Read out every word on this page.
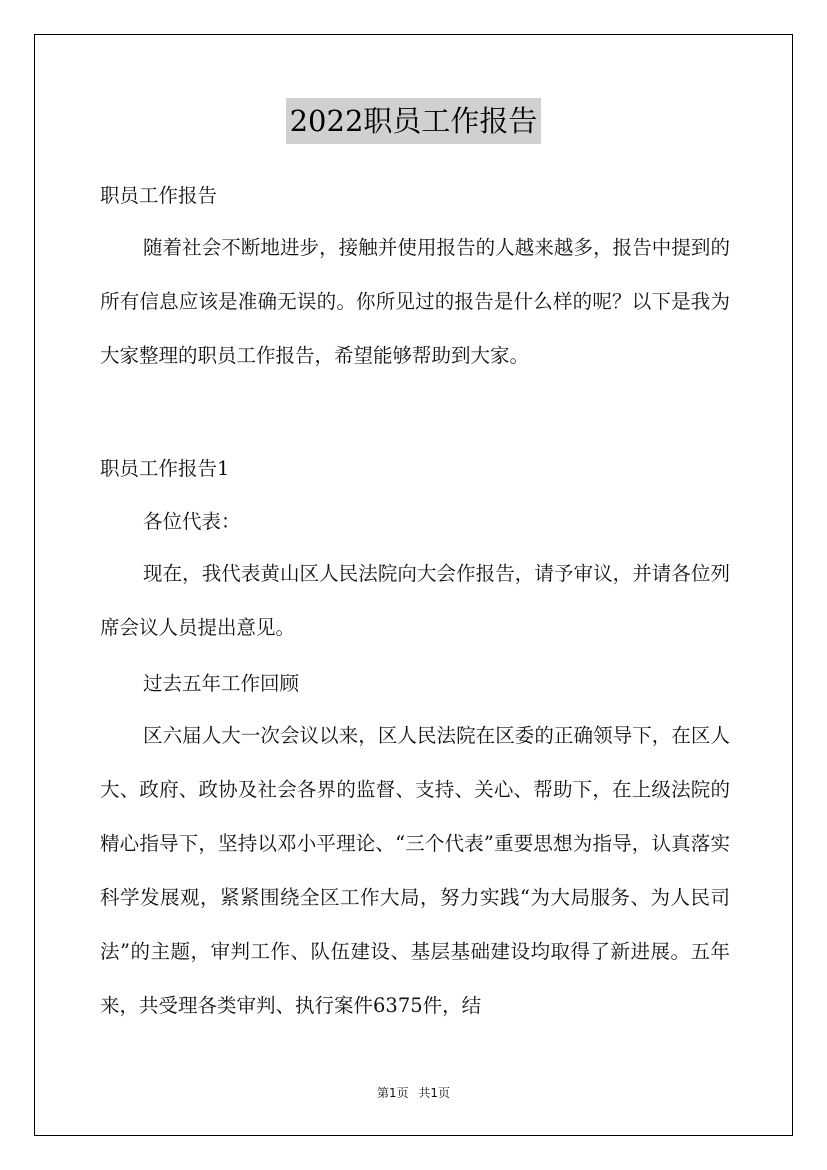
2022职员工作报告

职员工作报告

随着社会不断地进步，接触并使用报告的人越来越多，报告中提到的所有信息应该是准确无误的。你所见过的报告是什么样的呢？以下是我为大家整理的职员工作报告，希望能够帮助到大家。

职员工作报告1

各位代表：

现在，我代表黄山区人民法院向大会作报告，请予审议，并请各位列席会议人员提出意见。

过去五年工作回顾

区六届人大一次会议以来，区人民法院在区委的正确领导下，在区人大、政府、政协及社会各界的监督、支持、关心、帮助下，在上级法院的精心指导下，坚持以邓小平理论、“三个代表”重要思想为指导，认真落实科学发展观，紧紧围绕全区工作大局，努力实践“为大局服务、为人民司法”的主题，审判工作、队伍建设、基层基础建设均取得了新进展。五年来，共受理各类审判、执行案件6375件，结

第1页 共1页
